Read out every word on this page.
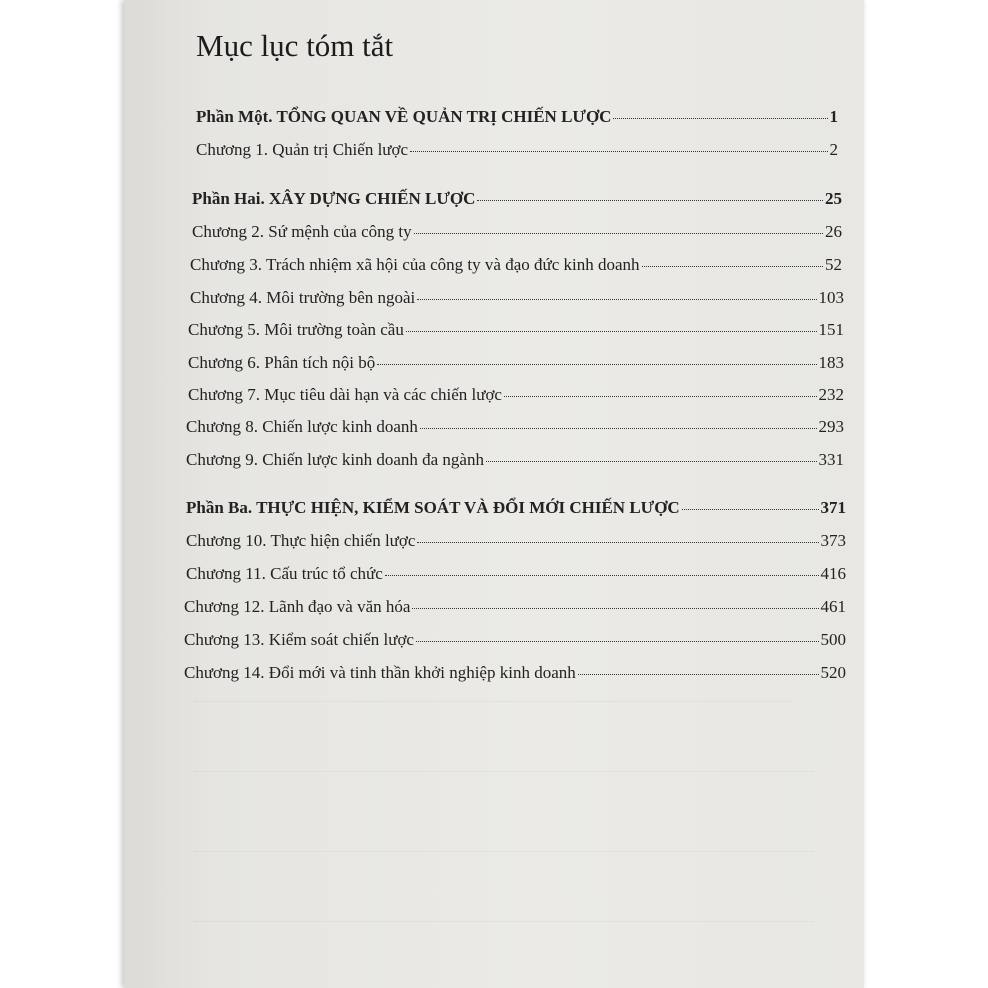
Mục lục tóm tắt
Phần Một. TỔNG QUAN VỀ QUẢN TRỊ CHIẾN LƯỢC	1
Chương 1. Quản trị Chiến lược	2
Phần Hai. XÂY DỰNG CHIẾN LƯỢC	25
Chương 2. Sứ mệnh của công ty	26
Chương 3. Trách nhiệm xã hội của công ty và đạo đức kinh doanh	52
Chương 4. Môi trường bên ngoài	103
Chương 5. Môi trường toàn cầu	151
Chương 6. Phân tích nội bộ	183
Chương 7. Mục tiêu dài hạn và các chiến lược	232
Chương 8. Chiến lược kinh doanh	293
Chương 9. Chiến lược kinh doanh đa ngành	331
Phần Ba. THỰC HIỆN, KIỂM SOÁT VÀ ĐỔI MỚI CHIẾN LƯỢC	371
Chương 10. Thực hiện chiến lược	373
Chương 11. Cấu trúc tổ chức	416
Chương 12. Lãnh đạo và văn hóa	461
Chương 13. Kiểm soát chiến lược	500
Chương 14. Đổi mới và tinh thần khởi nghiệp kinh doanh	520
